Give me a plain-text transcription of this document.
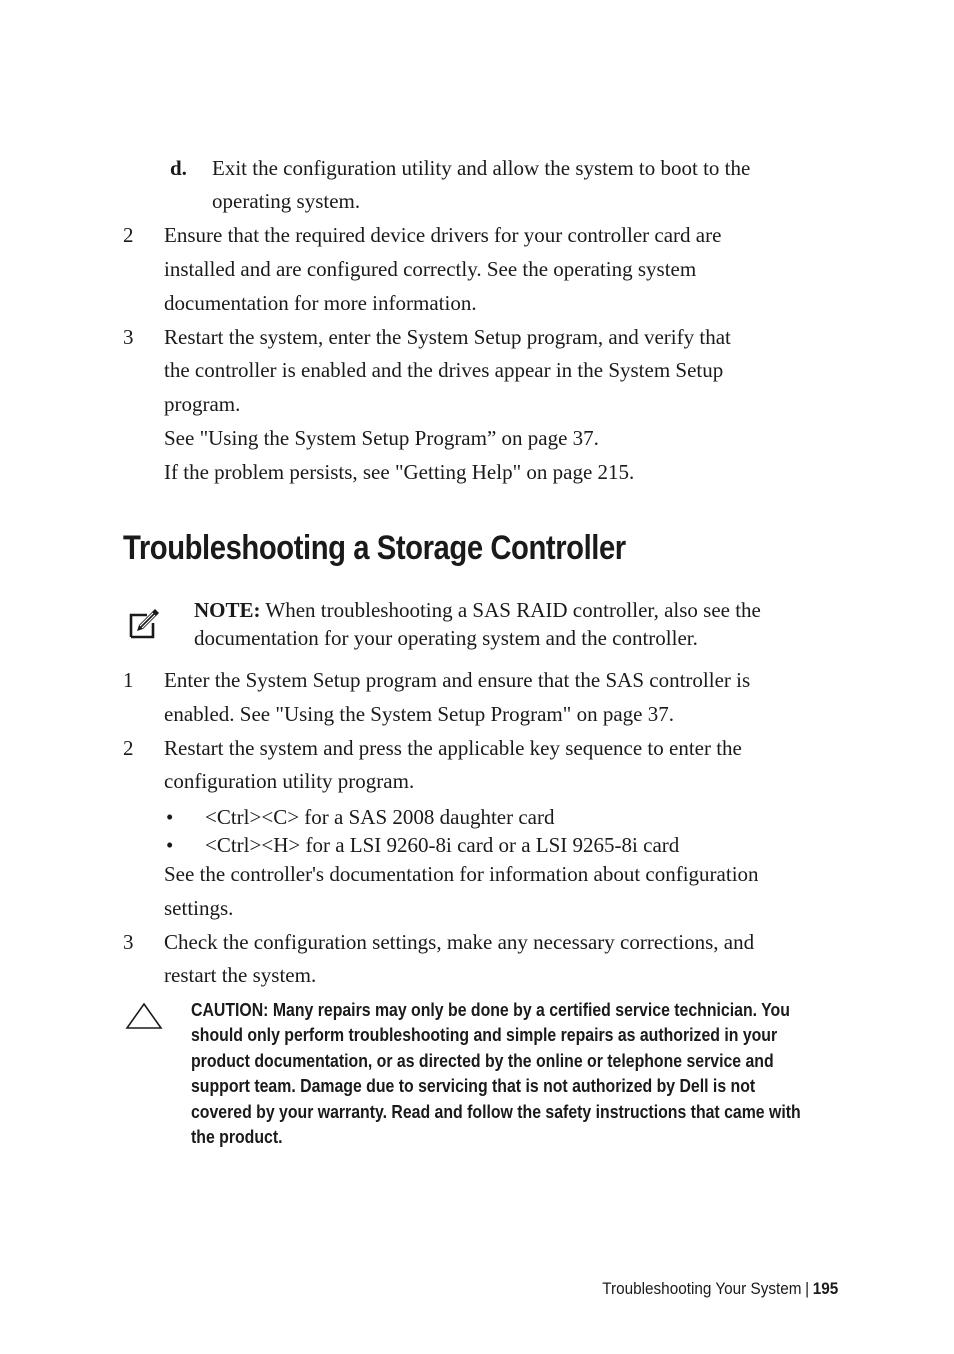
d. Exit the configuration utility and allow the system to boot to the
operating system.
2 Ensure that the required device drivers for your controller card are
installed and are configured correctly. See the operating system
documentation for more information.
3 Restart the system, enter the System Setup program, and verify that
the controller is enabled and the drives appear in the System Setup
program.
See "Using the System Setup Program” on page 37.
If the problem persists, see "Getting Help" on page 215.
Troubleshooting a Storage Controller
NOTE: When troubleshooting a SAS RAID controller, also see the
documentation for your operating system and the controller.
1 Enter the System Setup program and ensure that the SAS controller is
enabled. See "Using the System Setup Program" on page 37.
2 Restart the system and press the applicable key sequence to enter the
configuration utility program.
• <Ctrl><C> for a SAS 2008 daughter card
• <Ctrl><H> for a LSI 9260-8i card or a LSI 9265-8i card
See the controller's documentation for information about configuration
settings.
3 Check the configuration settings, make any necessary corrections, and
restart the system.
CAUTION: Many repairs may only be done by a certified service technician. You
should only perform troubleshooting and simple repairs as authorized in your
product documentation, or as directed by the online or telephone service and
support team. Damage due to servicing that is not authorized by Dell is not
covered by your warranty. Read and follow the safety instructions that came with
the product.
Troubleshooting Your System | 195
